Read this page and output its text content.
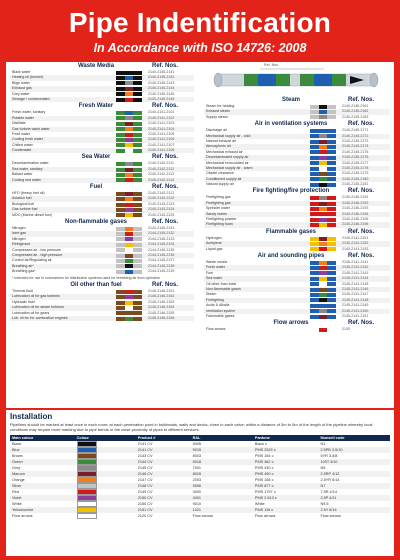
Pipe Indentification
In Accordance with ISO 14726: 2008
Waste Media	Ref. Nos.
Black water	2140-2145-2141
Heating oil (bunker)	2140-2145-2142
Bilge water	2140-2145-2143
Exhaust gas	2140-2145-2144
Grey water	2140-2145-2145
Sewage / contaminated	2140-2145-2146
Fresh Water	Ref. Nos.
Fresh water, sanitary	2140-2141-2101
Potable water	2140-2141-2102
Distillate	2140-2141-2103
Gas turbine wash water	2140-2141-2104
Feed water	2140-2141-2105
Cooling fresh water	2140-2141-2106
Chilled water	2140-2141-2107
Condensate	2140-2141-2108
Sea Water	Ref. Nos.
Decontamination water	2140-2142-2111
Sea water, sanitary	2140-2142-2112
Ballast water	2140-2142-2113
Cooling sea water	2140-2142-2114
Fuel	Ref. Nos.
HFO (Heavy fuel oil)	2140-2143-2121
Aviation fuel	2140-2143-2122
Biological fuel	2140-2143-2123
Gas turbine fuel	2140-2143-2124
MDO (Marine diesel fuel)	2140-2143-2125
Non-flammable gases	Ref. Nos.
Nitrogen	2144-2145-2131
Inert gas	2144-2145-2132
Nitrogen	2144-2145-2133
Refrigerant	2144-2145-2134
Compressed air - low pressure	2144-2145-2135
Compressed air - high pressure	2144-2145-2136
Control air/Regulating air	2144-2145-2137
Breathing air*	2144-2145-2138
Breathing gas*	2144-2145-2139
* Intended for use in submarines for distribution systems used for breathing air from cylinders
Oil other than fuel	Ref. Nos.
Thermal fluid	2145-2146-2151
Lubrication oil for gas turbines	2145-2146-2152
Hydraulic fluid	2145-2146-2153
Lubrication oil for steam turbines	2145-2146-2154
Lubrication oil for gears	2145-2146-2155
Lub. oil for int. combustion engines	2145-2146-2156
Ref. Nos
Steam	Ref. Nos.
Steam for heating	2140-2145-2161
Exhaust steam	2140-2145-2162
Supply steam	2140-2145-2163
Air in ventilation systems	Ref. Nos.
Discharge air	2140-2145-2171
Mechanical supply air - cold	2140-2145-2172
Natural exhaust air	2140-2145-2173
Atmospheric air	2140-2145-2174
Mechanical exhaust air	2140-2145-2175
Decontaminated supply air	2140-2145-2176
Mechanical recirculated air	2140-2145-2177
Mechanical supply air - warm	2140-2145-2178
Citadel clearance	2140-2145-2179
Conditioned supply air	2140-2145-2180
Natural supply air	2140-2145-2181
Fire fighting/fire protection	Ref. Nos.
Firefighting gas	2140-2146-2191
Firefighting gas	2140-2146-2192
Sprinkler water	2140-2146-2193
Sandy mains	2140-2146-2194
Firefighting powder	2140-2146-2195
Firefighting foam	2140-2146-2196
Flammable gases	Ref. Nos.
Hydrogen	2140-2141-2151
Acetylene	2140-2141-2152
Liquid gas	2140-2141-2153
Air and sounding pipes	Ref. Nos.
Waste media	2145-2141-2141
Fresh water	2145-2141-2142
Fuel	2145-2141-2143
Sea water	2145-2141-2144
Oil other than fuels	2145-2141-2145
Non-flammable gases	2145-2141-2146
Steam	2145-2141-2147
Firefighting	2145-2141-2148
Acids & Alkalis	2145-2141-2149
Ventilation system	2145-2141-2150
Flammable gases	2145-2141-2151
Flow arrows	Ref. Nos.
Flow arrows	2130
Installation
Pipelines should be marked at least once in each room; at each penetration point in bulkheads, walls and decks; close to each valve; within a distance of 3m to 5m of the length of the pipeline whereby local conditions may require more marking due to pipe bends or the close proximity of pipes to different services.
Main colour	Colour	Product #	RAL	Pantone	Munsell code
Black		2141 CV	9005	Black c	N1
Blue		2141 CV	5015	PMS 2925 c	2.5PB 3.5/10
Brown		2143 CV	8003	PMS 154 c	5YR 3.5/8
Green		2144 CV	6018	PMS 362 c	100T 4/10
Grey		2145 CV	7001	PMS 430 c	N5
Maroon		2146 CV	8015	PMS 490 c	2.5RP 4/12
Orange		2147 CV	2003	PMS 158 c	2.5YR 6/14
Silver		2148 CV	9006	PMS 877 c	N7
Red		2149 CV	3000	PMS 1797 c	7.5R 4/14
Violet		2150 CV	4001	PMS 2 613 c	2.5P 4/11
White		2150 CV	9010	White	N9.5
Yellow/ochre		2151 CV	1021	PMS 116 c	2.5Y 8/14
Flow arrows		2120 CV	Flow arrows	Flow arrows	Flow arrows
